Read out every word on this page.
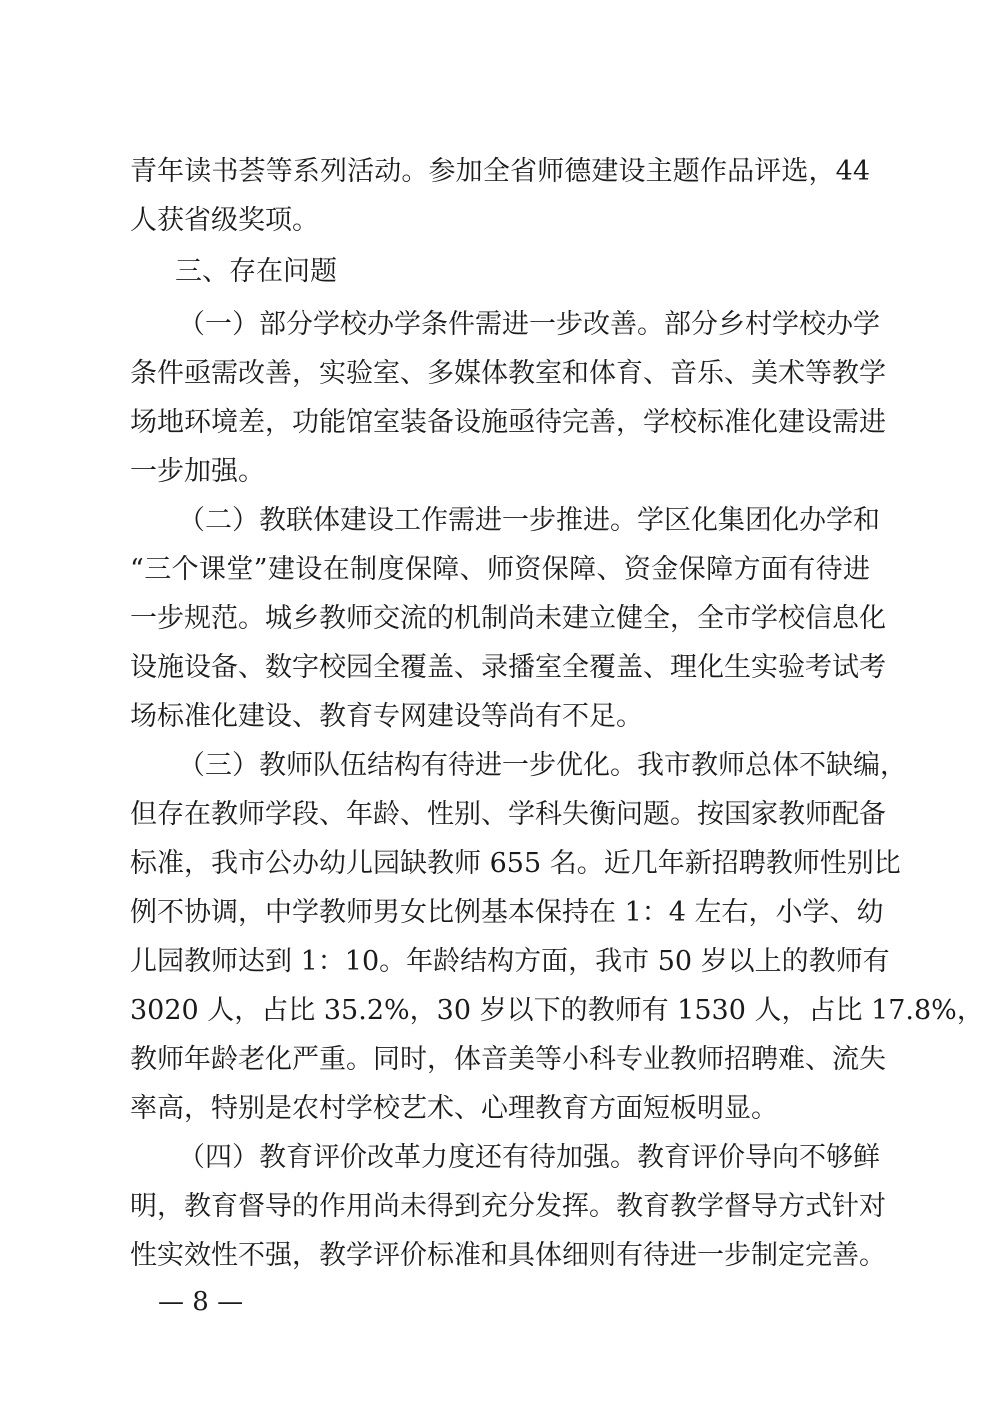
青年读书荟等系列活动。参加全省师德建设主题作品评选，44
人获省级奖项。
三、存在问题
（一）部分学校办学条件需进一步改善。部分乡村学校办学
条件亟需改善，实验室、多媒体教室和体育、音乐、美术等教学
场地环境差，功能馆室装备设施亟待完善，学校标准化建设需进
一步加强。
（二）教联体建设工作需进一步推进。学区化集团化办学和
“三个课堂”建设在制度保障、师资保障、资金保障方面有待进
一步规范。城乡教师交流的机制尚未建立健全，全市学校信息化
设施设备、数字校园全覆盖、录播室全覆盖、理化生实验考试考
场标准化建设、教育专网建设等尚有不足。
（三）教师队伍结构有待进一步优化。我市教师总体不缺编，
但存在教师学段、年龄、性别、学科失衡问题。按国家教师配备
标准，我市公办幼儿园缺教师 655 名。近几年新招聘教师性别比
例不协调，中学教师男女比例基本保持在 1：4 左右，小学、幼
儿园教师达到 1：10。年龄结构方面，我市 50 岁以上的教师有
3020 人，占比 35.2%，30 岁以下的教师有 1530 人，占比 17.8%，
教师年龄老化严重。同时，体音美等小科专业教师招聘难、流失
率高，特别是农村学校艺术、心理教育方面短板明显。
（四）教育评价改革力度还有待加强。教育评价导向不够鲜
明，教育督导的作用尚未得到充分发挥。教育教学督导方式针对
性实效性不强，教学评价标准和具体细则有待进一步制定完善。
— 8 —
